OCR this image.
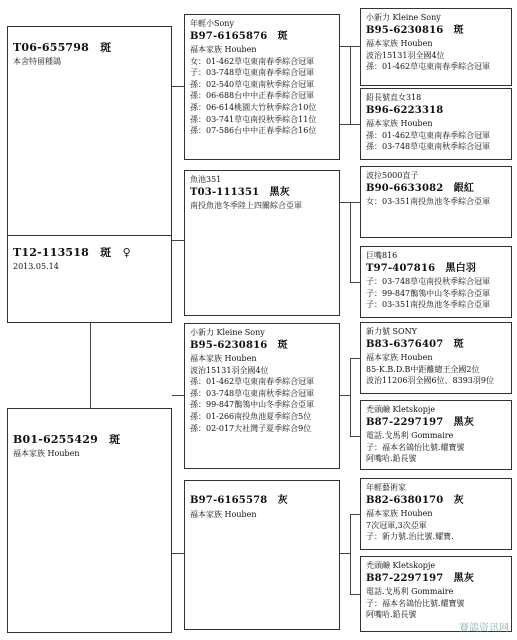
T06-655798　斑
本舍特留種鴿
T12-113518　斑　♀
2013.05.14
B01-6255429　斑
福本家族 Houben
年輕小Sony
B97-6165876　斑
福本家族 Houben
女：01-462草屯東南春季綜合冠軍
子：03-748草屯東南春季綜合冠軍
孫：02-540草屯東南秋季綜合冠軍
孫：06-688台中中正春季綜合冠軍
孫：06-614桃園大竹秋季綜合10位
孫：03-741草屯南投秋季綜合11位
孫：07-586台中中正春季綜合16位
魚池351
T03-111351　黑灰
南投魚池冬季陸上四關綜合亞軍
小新力 Kleine Sony
B95-6230816　斑
福本家族 Houben
波治15131羽全國4位
孫：01-462草屯東南春季綜合冠軍
孫：03-748草屯東南秋季綜合冠軍
孫：99-847鶺鴒中山冬季綜合亞軍
孫：01-266南投魚池夏季綜合5位
孫：02-017大社灣子夏季綜合9位
B97-6165578　灰
福本家族 Houben
小新力 Kleine Sony
B95-6230816　斑
福本家族 Houben
波治15131羽全國4位
孫：01-462草屯東南春季綜合冠軍
鉛長號直女318
B96-6223318
福本家族 Houben
孫：01-462草屯東南春季綜合冠軍
孫：03-748草屯東南秋季綜合冠軍
波拉5000直子
B90-6633082　銀紅
女：03-351南投魚池冬季綜合亞軍
巨嘴816
T97-407816　黑白羽
子：03-748草屯南投秋季綜合冠軍
子：99-847鶺鴒中山冬季綜合亞軍
子：03-351南投魚池冬季綜合亞軍
新力號 SONY
B83-6376407　斑
福本家族 Houben
85-K.B.D.B中距離總王全國2位
波治11206羽全國6位、8393羽9位
禿頭鹼 Kletskopje
B87-2297197　黑灰
電話.戈馬利 Gommaire
子：福本名鴿怡比號.耀寶號
阿嘴哈.鉛長號
年輕藝術家
B82-6380170　灰
福本家族 Houben
7次冠軍,3次亞軍
子：新力號.治比號.耀寶.
禿頭鹼 Kletskopje
B87-2297197　黑灰
電話.戈馬利 Gommaire
子：福本名鴿怡比號.耀寶號
阿嘴哈.鉛長號
賽鴿资讯网
